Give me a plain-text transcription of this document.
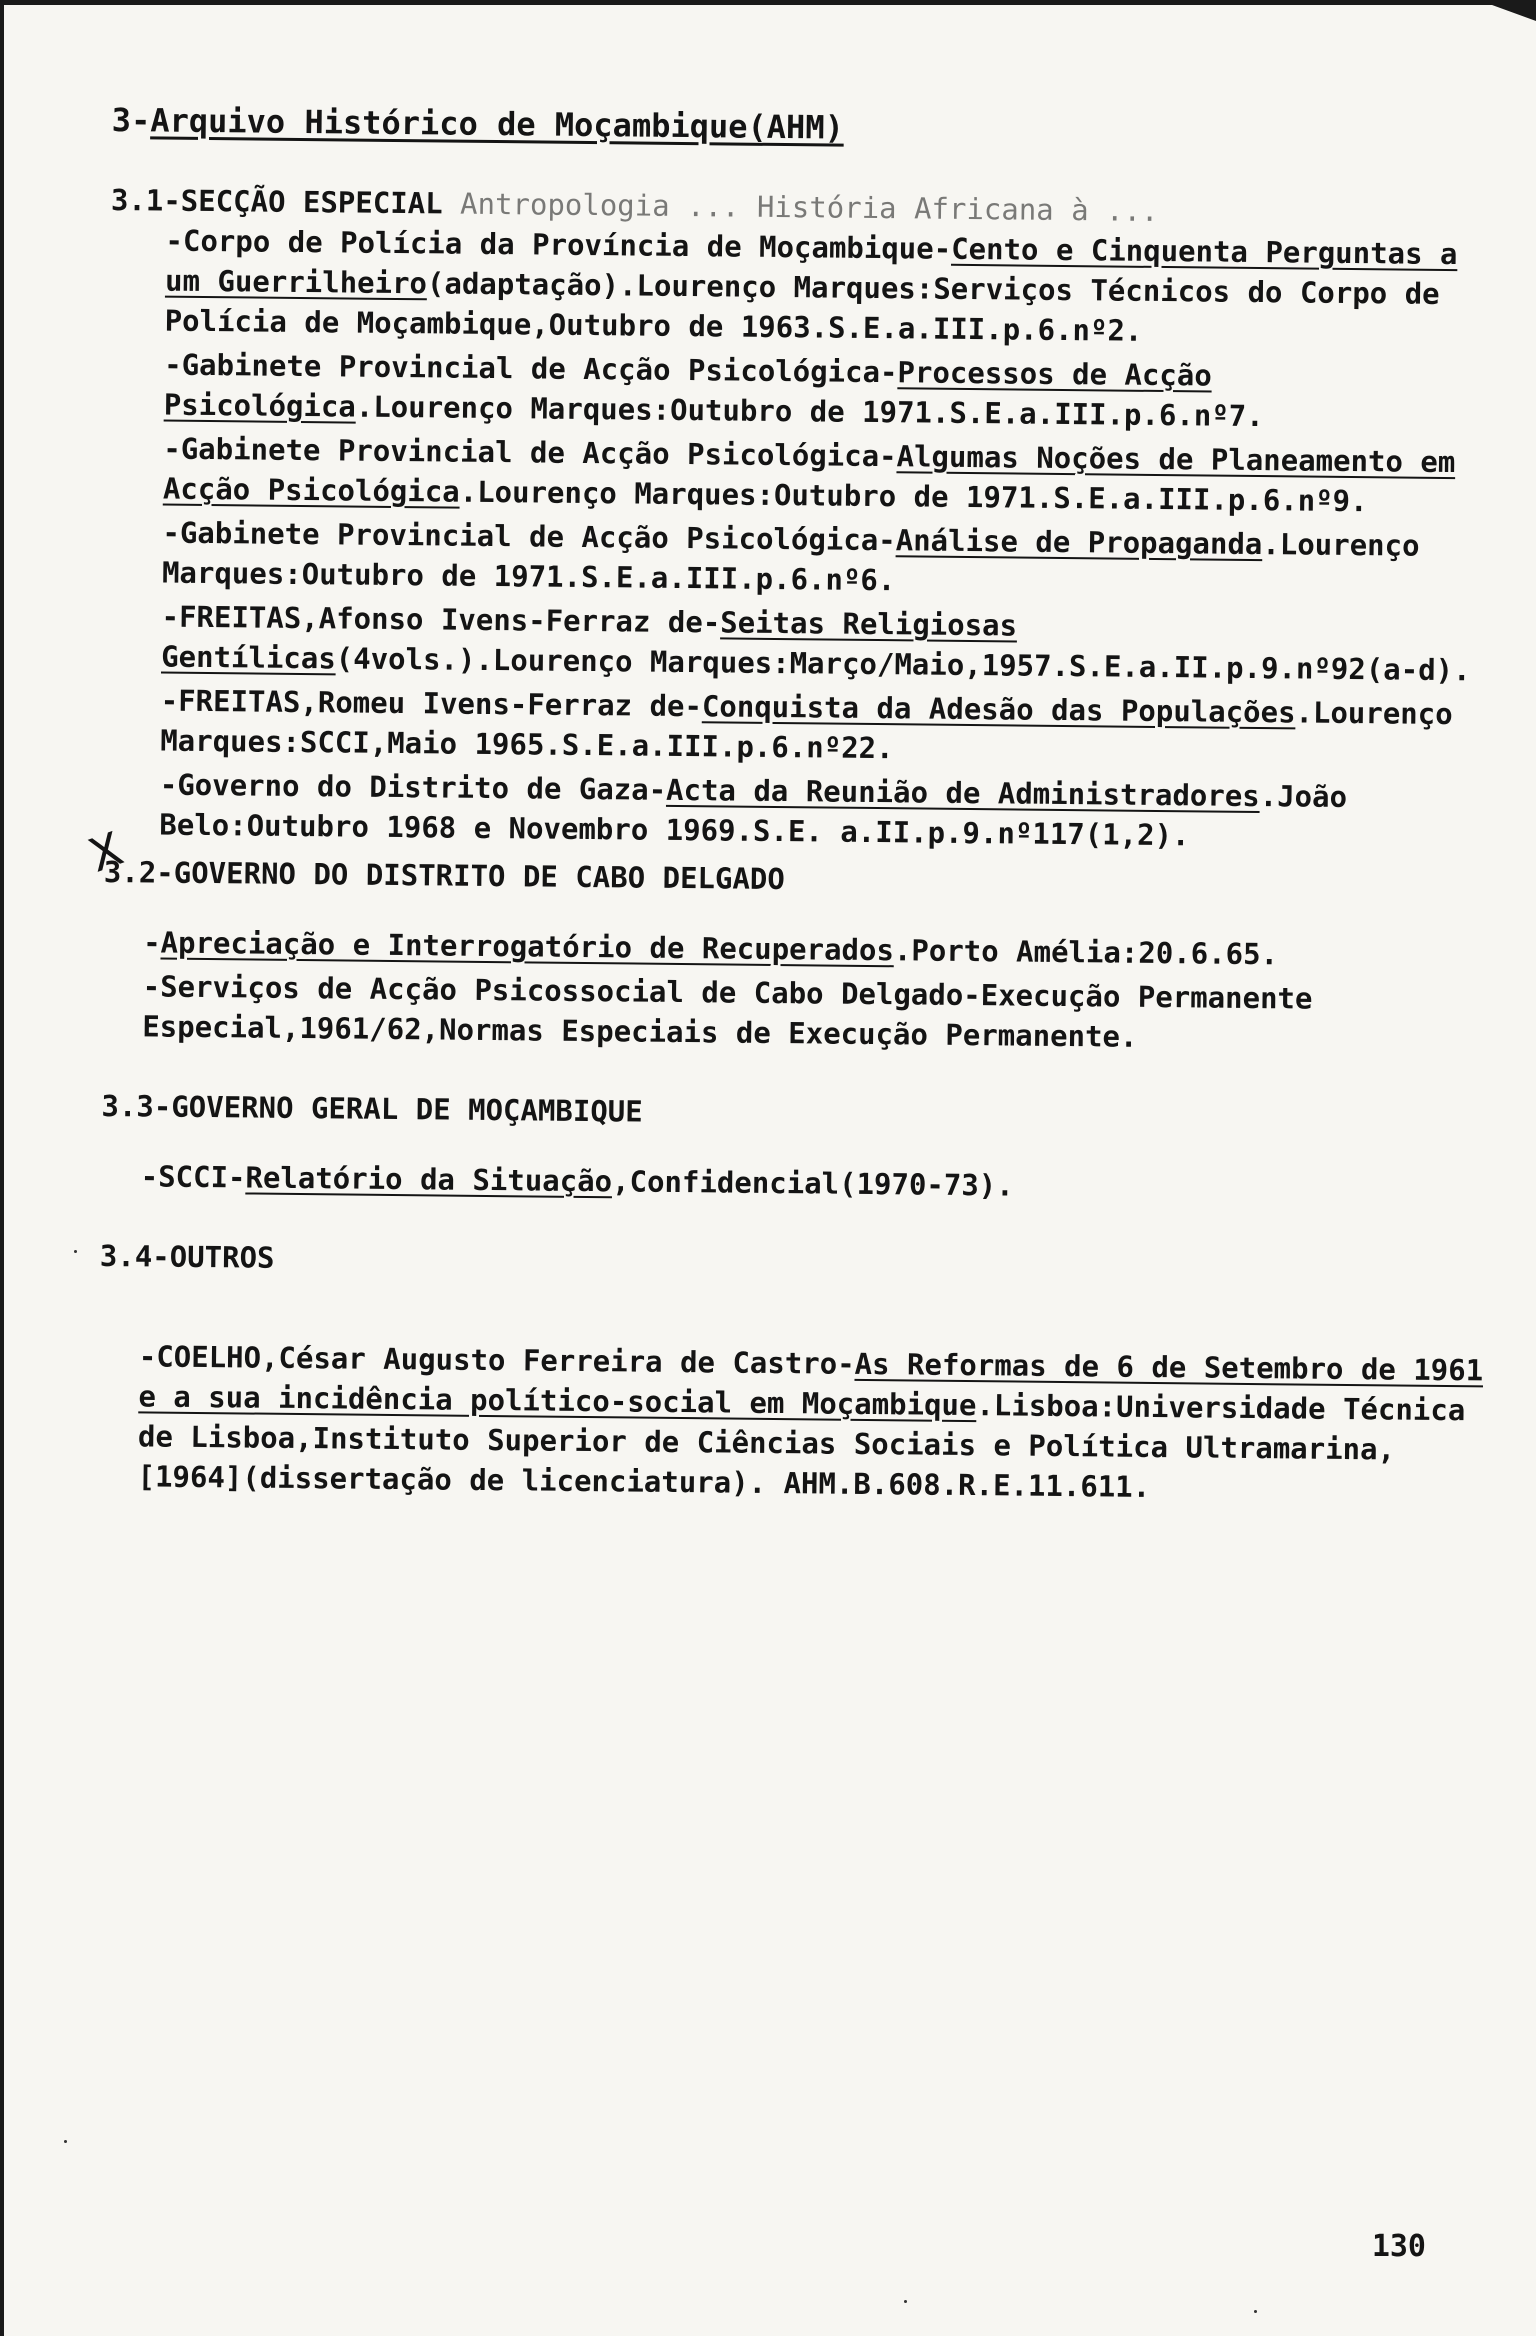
3-Arquivo Histórico de Moçambique(AHM)
3.1-SECÇÃO ESPECIAL Antropologia ... História Africana à ...
-Corpo de Polícia da Província de Moçambique-Cento e Cinquenta Perguntas a um Guerrilheiro(adaptação).Lourenço Marques:Serviços Técnicos do Corpo de Polícia de Moçambique,Outubro de 1963.S.E.a.III.p.6.nº2.
-Gabinete Provincial de Acção Psicológica-Processos de Acção Psicológica.Lourenço Marques:Outubro de 1971.S.E.a.III.p.6.nº7.
-Gabinete Provincial de Acção Psicológica-Algumas Noções de Planeamento em Acção Psicológica.Lourenço Marques:Outubro de 1971.S.E.a.III.p.6.nº9.
-Gabinete Provincial de Acção Psicológica-Análise de Propaganda.Lourenço Marques:Outubro de 1971.S.E.a.III.p.6.nº6.
-FREITAS,Afonso Ivens-Ferraz de-Seitas Religiosas Gentílicas(4vols.).Lourenço Marques:Março/Maio,1957.S.E.a.II.p.9.nº92(a-d).
-FREITAS,Romeu Ivens-Ferraz de-Conquista da Adesão das Populações.Lourenço Marques:SCCI,Maio 1965.S.E.a.III.p.6.nº22.
-Governo do Distrito de Gaza-Acta da Reunião de Administradores.João Belo:Outubro 1968 e Novembro 1969.S.E. a.II.p.9.nº117(1,2).
3.2-GOVERNO DO DISTRITO DE CABO DELGADO
-Apreciação e Interrogatório de Recuperados.Porto Amélia:20.6.65.
-Serviços de Acção Psicossocial de Cabo Delgado-Execução Permanente Especial,1961/62,Normas Especiais de Execução Permanente.
3.3-GOVERNO GERAL DE MOÇAMBIQUE
-SCCI-Relatório da Situação,Confidencial(1970-73).
3.4-OUTROS
-COELHO,César Augusto Ferreira de Castro-As Reformas de 6 de Setembro de 1961 e a sua incidência político-social em Moçambique.Lisboa:Universidade Técnica de Lisboa,Instituto Superior de Ciências Sociais e Política Ultramarina,[1964](dissertação de licenciatura). AHM.B.608.R.E.11.611.
X
130
